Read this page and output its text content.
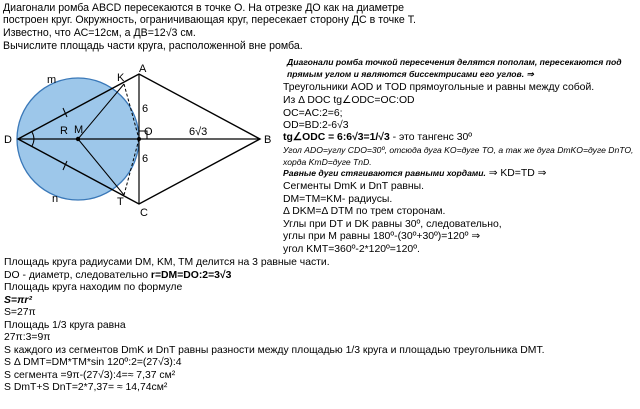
Диагонали ромба ABCD пересекаются в точке О. На отрезке ДО как на диаметре
построен круг. Окружность, ограничивающая круг, пересекает сторону ДС в точке Т.
Известно, что АС=12см, а ДВ=12√3 см.
Вычислите площадь части круга, расположенной вне ромба.
A
B
C
D
K
T
M	O
R
m
n
6
6
6√3
Диагонали ромба точкой пересечения делятся пополам, пересекаются под
прямым углом и являются биссектрисами его углов. ⇒
Треугольники AOD и TOD прямоугольные и равны между собой.
Из Δ DOC tg∠ODC=OC:OD
OC=AC:2=6;
OD=BD:2-6√3
tg∠ODC = 6:6√3=1/√3 - это тангенс 30º
Угол ADO=углу CDO=30º, отсюда дуга KO=дуге TO, а так же дуга DmKO=дуге DnTO,
хорда KmD=дуге TnD.
Равные дуги стягиваются равными хордами. ⇒ KD=TD ⇒
Сегменты DmK и DnT равны.
DM=TM=KM- радиусы.
Δ DKM=Δ DTM по трем сторонам.
Углы при DT и DK равны 30º, следовательно,
углы при М равны 180º-(30º+30º)=120º ⇒
угол KMT=360º-2*120º=120º.
Площадь круга радиусами DM, KM, TM делится на 3 равные части.
DO - диаметр, следовательно r=DM=DO:2=3√3
Площадь круга находим по формуле
S=πr²
S=27π
Площадь 1/3 круга равна
27π:3=9π
S каждого из сегментов DmK и DnT равны разности между площадью 1/3 круга и площадью треугольника DMT.
S Δ DMT=DM*TM*sin 120º:2=(27√3):4
S сегмента =9π-(27√3):4=≈ 7,37 см²
S DmT+S DnT=2*7,37= ≈ 14,74см²
